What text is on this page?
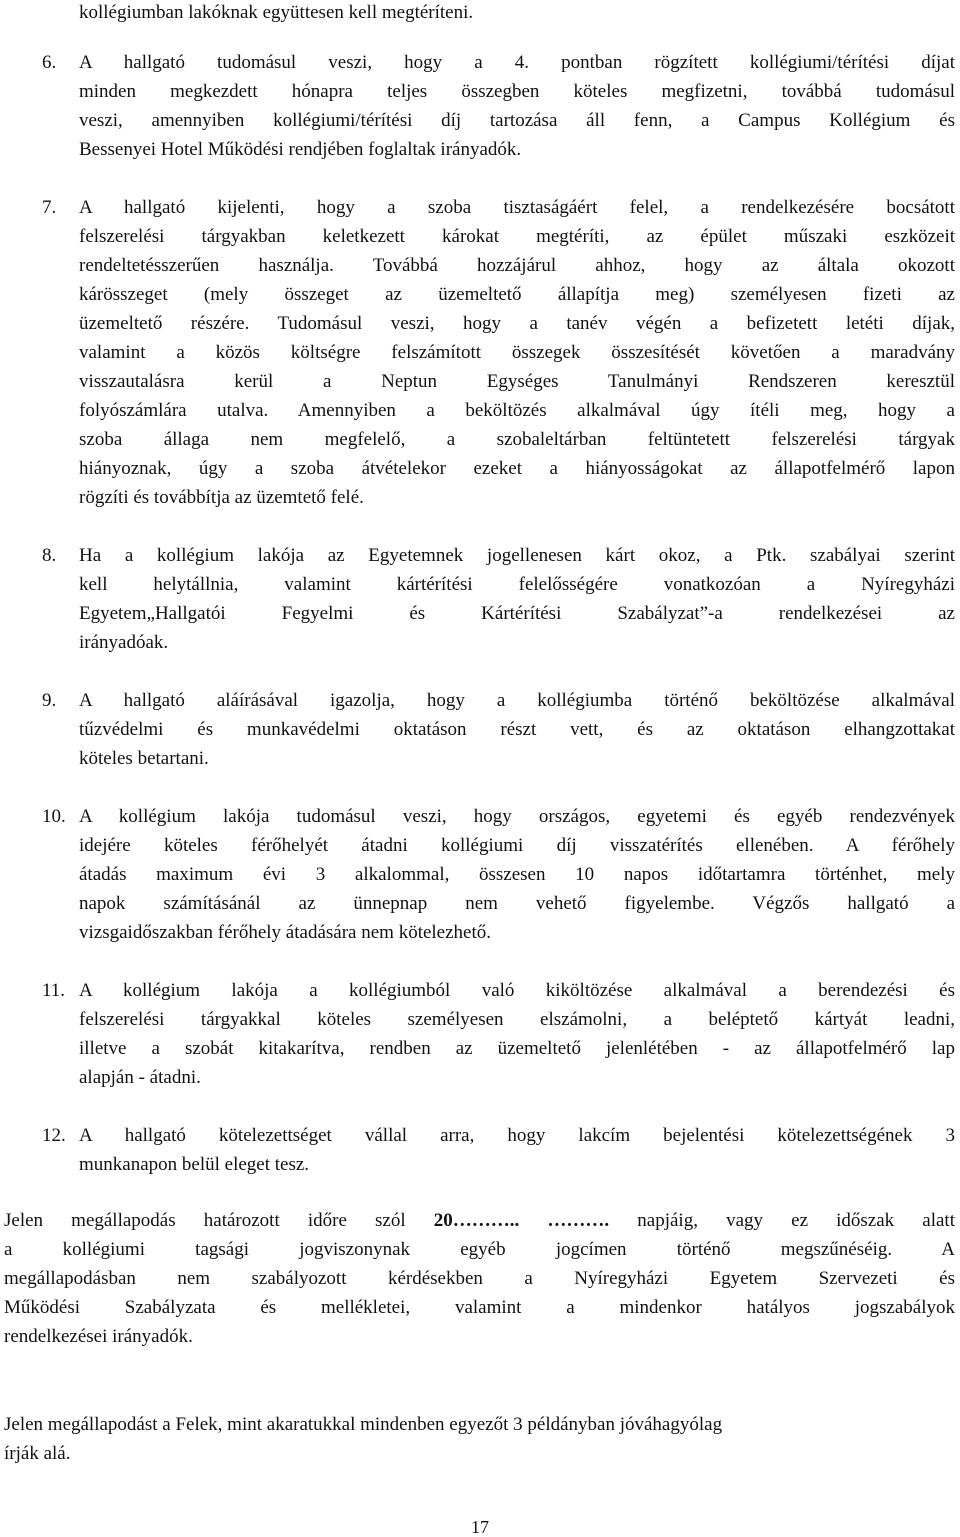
kollégiumban lakóknak együttesen kell megtéríteni.
6. A hallgató tudomásul veszi, hogy a 4. pontban rögzített kollégiumi/térítési díjat
minden megkezdett hónapra teljes összegben köteles megfizetni, továbbá tudomásul
veszi, amennyiben kollégiumi/térítési díj tartozása áll fenn, a Campus Kollégium és
Bessenyei Hotel Működési rendjében foglaltak irányadók.
7. A hallgató kijelenti, hogy a szoba tisztaságáért felel, a rendelkezésére bocsátott
felszerelési tárgyakban keletkezett károkat megtéríti, az épület műszaki eszközeit
rendeltetésszerűen használja. Továbbá hozzájárul ahhoz, hogy az általa okozott
kárösszeget (mely összeget az üzemeltető állapítja meg) személyesen fizeti az
üzemeltető részére. Tudomásul veszi, hogy a tanév végén a befizetett letéti díjak,
valamint a közös költségre felszámított összegek összesítését követően a maradvány
visszautalásra kerül a Neptun Egységes Tanulmányi Rendszeren keresztül
folyószámlára utalva. Amennyiben a beköltözés alkalmával úgy ítéli meg, hogy a
szoba állaga nem megfelelő, a szobaleltárban feltüntetett felszerelési tárgyak
hiányoznak, úgy a szoba átvételekor ezeket a hiányosságokat az állapotfelmérő lapon
rögzíti és továbbítja az üzemtető felé.
8. Ha a kollégium lakója az Egyetemnek jogellenesen kárt okoz, a Ptk. szabályai szerint
kell helytállnia, valamint kártérítési felelősségére vonatkozóan a Nyíregyházi
Egyetem„Hallgatói Fegyelmi és Kártérítési Szabályzat”-a rendelkezései az
irányadóak.
9. A hallgató aláírásával igazolja, hogy a kollégiumba történő beköltözése alkalmával
tűzvédelmi és munkavédelmi oktatáson részt vett, és az oktatáson elhangzottakat
köteles betartani.
10. A kollégium lakója tudomásul veszi, hogy országos, egyetemi és egyéb rendezvények
idejére köteles férőhelyét átadni kollégiumi díj visszatérítés ellenében. A férőhely
átadás maximum évi 3 alkalommal, összesen 10 napos időtartamra történhet, mely
napok számításánál az ünnepnap nem vehető figyelembe. Végzős hallgató a
vizsgaidőszakban férőhely átadására nem kötelezhető.
11. A kollégium lakója a kollégiumból való kiköltözése alkalmával a berendezési és
felszerelési tárgyakkal köteles személyesen elszámolni, a beléptető kártyát leadni,
illetve a szobát kitakarítva, rendben az üzemeltető jelenlétében - az állapotfelmérő lap
alapján - átadni.
12. A hallgató kötelezettséget vállal arra, hogy lakcím bejelentési kötelezettségének 3
munkanapon belül eleget tesz.
Jelen megállapodás határozott időre szól 20……….. ………. napjáig, vagy ez időszak alatt
a kollégiumi tagsági jogviszonynak egyéb jogcímen történő megszűnéséig. A
megállapodásban nem szabályozott kérdésekben a Nyíregyházi Egyetem Szervezeti és
Működési Szabályzata és mellékletei, valamint a mindenkor hatályos jogszabályok
rendelkezései irányadók.
Jelen megállapodást a Felek, mint akaratukkal mindenben egyezőt 3 példányban jóváhagyólag
írják alá.
17
